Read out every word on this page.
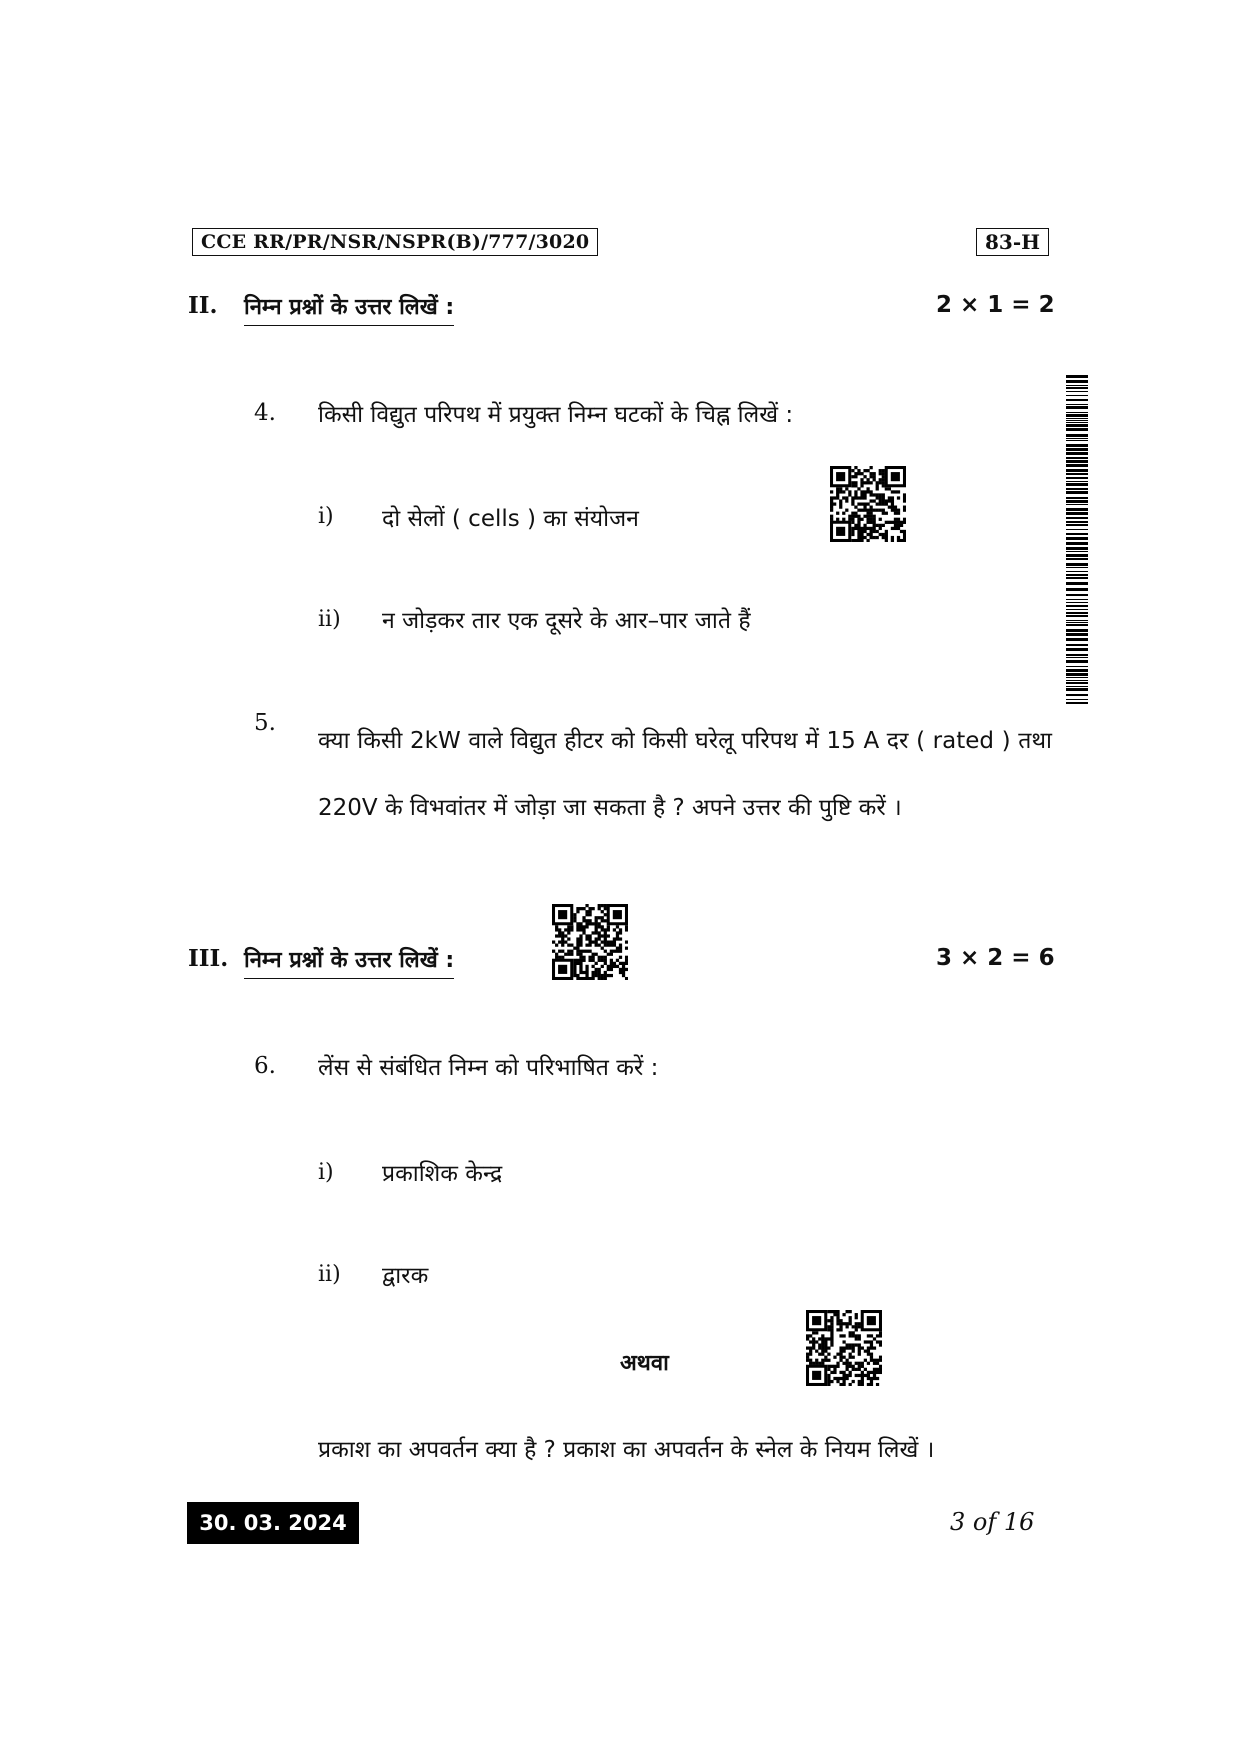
CCE RR/PR/NSR/NSPR(B)/777/3020	83-H
II. निम्न प्रश्नों के उत्तर लिखें :	2 × 1 = 2
4. किसी विद्युत परिपथ में प्रयुक्त निम्न घटकों के चिह्न लिखें :
i) दो सेलों ( cells ) का संयोजन
ii) न जोड़कर तार एक दूसरे के आर–पार जाते हैं
5.
क्या किसी 2kW वाले विद्युत हीटर को किसी घरेलू परिपथ में 15 A दर ( rated ) तथा 220V के विभवांतर में जोड़ा जा सकता है ? अपने उत्तर की पुष्टि करें ।
III. निम्न प्रश्नों के उत्तर लिखें :	3 × 2 = 6
6. लेंस से संबंधित निम्न को परिभाषित करें :
i) प्रकाशिक केन्द्र
ii) द्वारक
अथवा
प्रकाश का अपवर्तन क्या है ? प्रकाश का अपवर्तन के स्नेल के नियम लिखें ।
30. 03. 2024	3 of 16
